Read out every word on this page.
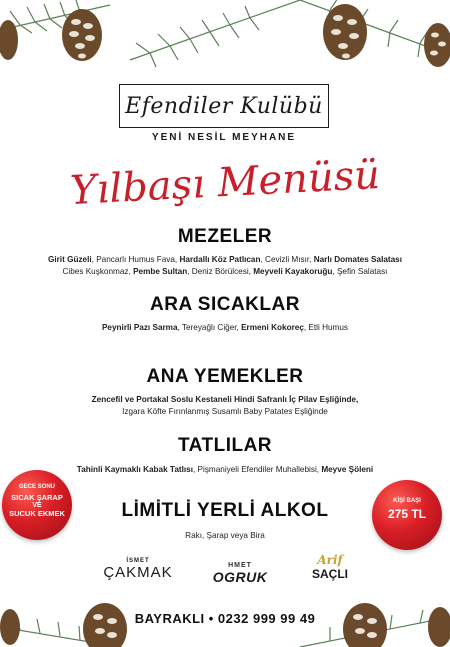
Efendiler Kulübü
YENİ NESİL MEYHANE
Yılbaşı Menüsü
MEZELER
Girit Güzeli, Pancarlı Humus Fava, Hardallı Köz Patlıcan, Cevizli Mısır, Narlı Domates Salatası
Cibes Kuşkonmaz, Pembe Sultan, Deniz Börülcesi, Meyveli Kayakoruğu, Şefin Salatası
ARA SICAKLAR
Peynirli Pazı Sarma, Tereyağlı Ciğer, Ermeni Kokoreç, Etli Humus
ANA YEMEKLER
Zencefil ve Portakal Soslu Kestaneli Hindi Safranlı İç Pilav Eşliğinde,
Izgara Köfte Fırınlanmış Susamlı Baby Patates Eşliğinde
TATLILAR
Tahinli Kaymaklı Kabak Tatlısı, Pişmaniyeli Efendiler Muhallebisi, Meyve Şöleni
LİMİTLİ YERLİ ALKOL
Rakı, Şarap veya Bira
GECE SONU
SICAK ŞARAP
VE
SUCUK EKMEK
KİŞİ BAŞI
275 TL
İSMET
ÇAKMAK	HMET
OGRUK
Arif
SAÇLI
BAYRAKLI • 0232 999 99 49
